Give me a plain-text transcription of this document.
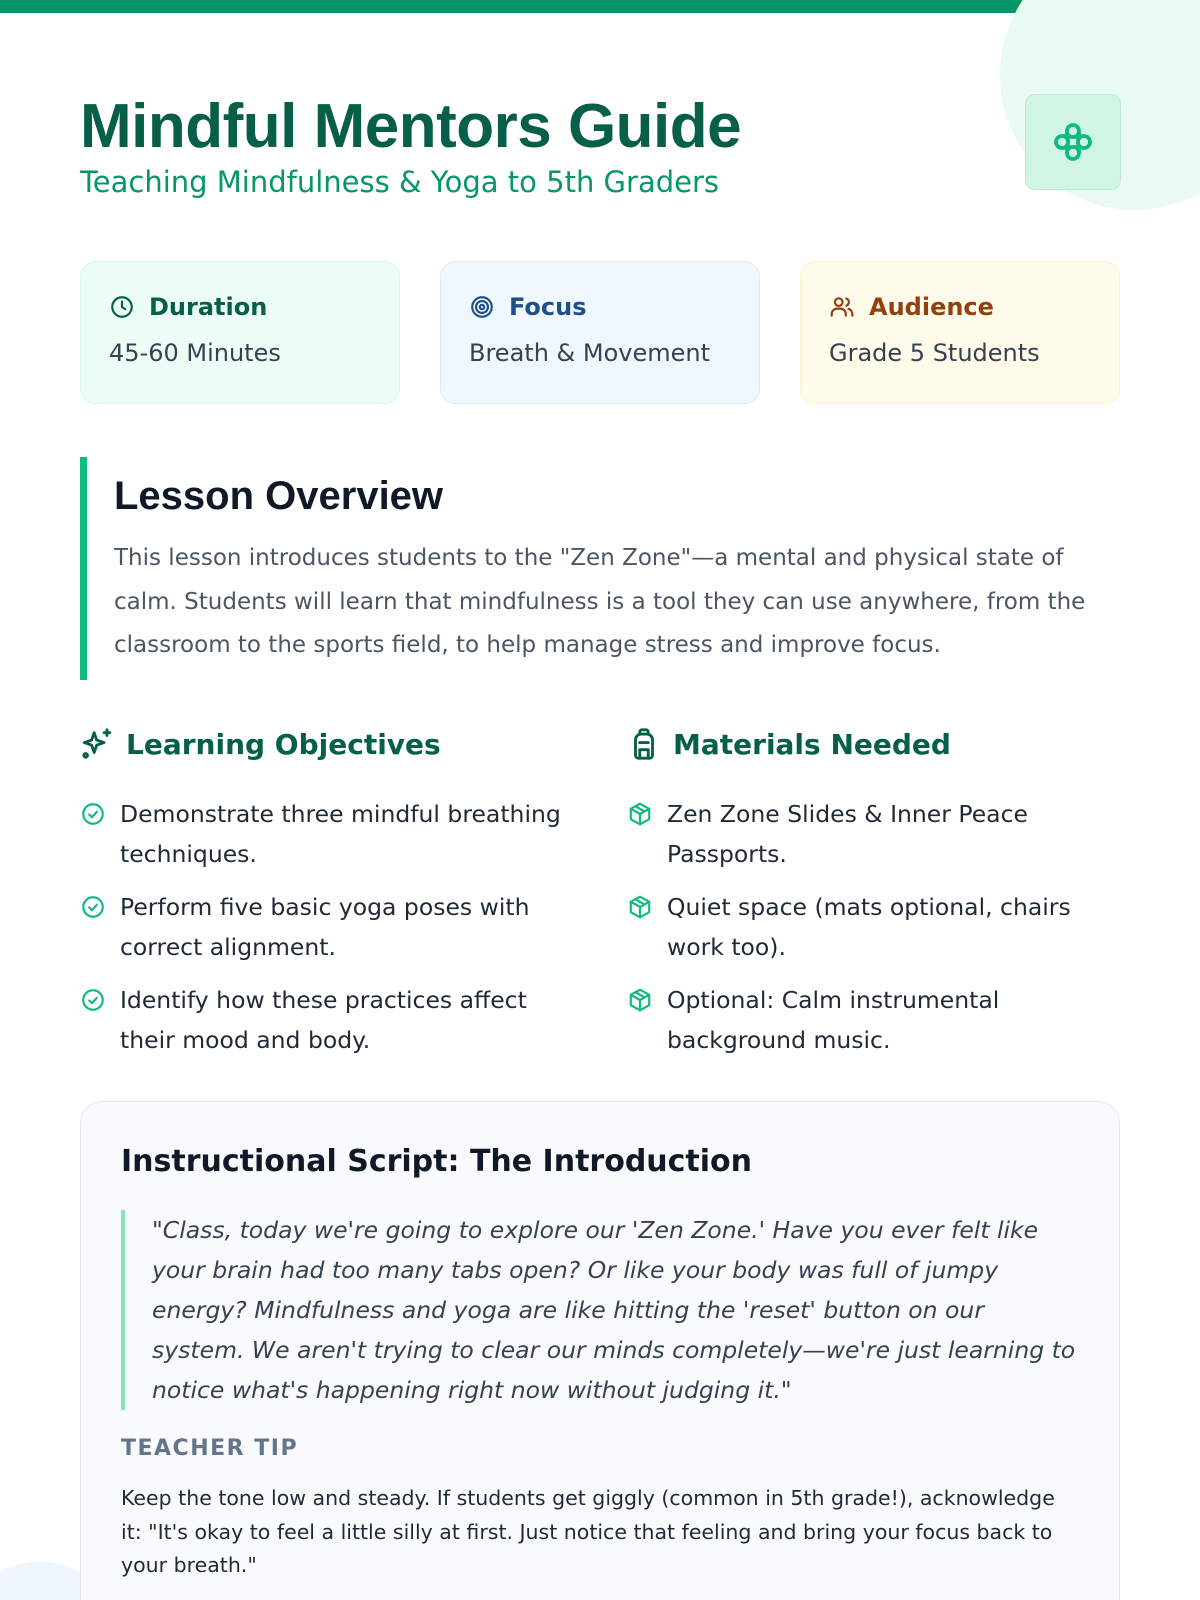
Mindful Mentors Guide
Teaching Mindfulness & Yoga to 5th Graders
Duration
45-60 Minutes
Focus
Breath & Movement
Audience
Grade 5 Students
Lesson Overview

This lesson introduces students to the "Zen Zone"—a mental and physical state of calm. Students will learn that mindfulness is a tool they can use anywhere, from the classroom to the sports field, to help manage stress and improve focus.

Learning Objectives
Demonstrate three mindful breathing techniques.
Perform five basic yoga poses with correct alignment.
Identify how these practices affect their mood and body.
Materials Needed
Zen Zone Slides & Inner Peace Passports.
Quiet space (mats optional, chairs work too).
Optional: Calm instrumental background music.
Instructional Script: The Introduction
"Class, today we're going to explore our 'Zen Zone.' Have you ever felt like your brain had too many tabs open? Or like your body was full of jumpy energy? Mindfulness and yoga are like hitting the 'reset' button on our system. We aren't trying to clear our minds completely—we're just learning to notice what's happening right now without judging it."
TEACHER TIP

Keep the tone low and steady. If students get giggly (common in 5th grade!), acknowledge it: "It's okay to feel a little silly at first. Just notice that feeling and bring your focus back to your breath."
